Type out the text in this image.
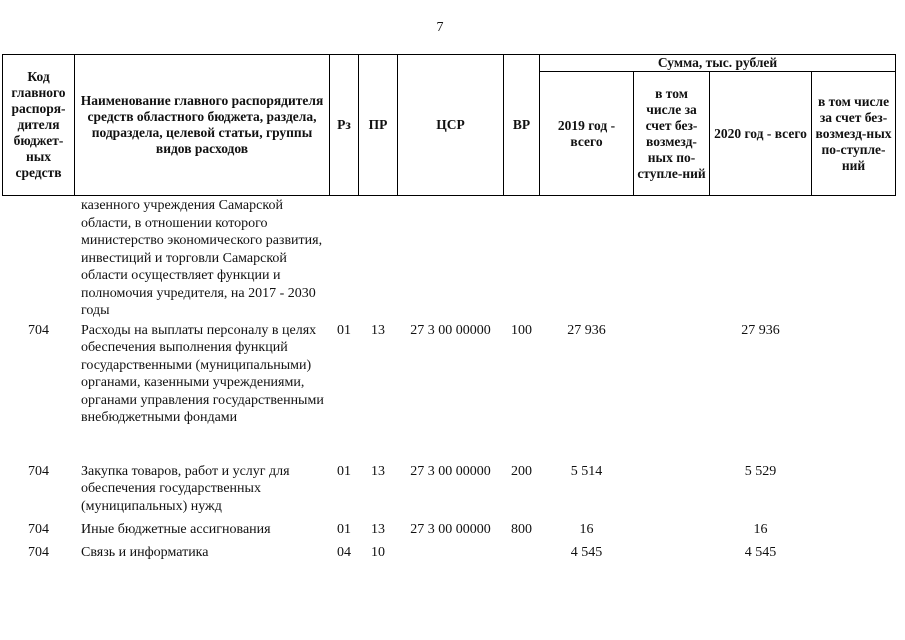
7
Код главного распоря-дителя бюджет-ных средств	Наименование главного распорядителя средств областного бюджета, раздела, подраздела, целевой статьи, группы видов расходов	Рз	ПР	ЦСР	ВР	Сумма, тыс. рублей			
						2019 год - всего	в том числе за счет без-возмезд-ных по-ступле-ний	2020 год - всего	в том числе за счет без-возмезд-ных по-ступле-ний
	казенного учреждения Самарской области, в отношении которого министерство экономического развития, инвестиций и торговли Самарской области осуществляет функции и полномочия учредителя, на 2017 - 2030 годы								
704	Расходы на выплаты персоналу в целях обеспечения выполнения функций государственными (муниципальными) органами, казенными учреждениями, органами управления государственными внебюджетными фондами	01	13	27 3 00 00000	100	27 936		27 936	
704	Закупка товаров, работ и услуг для обеспечения государственных (муниципальных) нужд	01	13	27 3 00 00000	200	5 514		5 529	
704	Иные бюджетные ассигнования	01	13	27 3 00 00000	800	16		16	
704	Связь и информатика	04	10			4 545		4 545	
